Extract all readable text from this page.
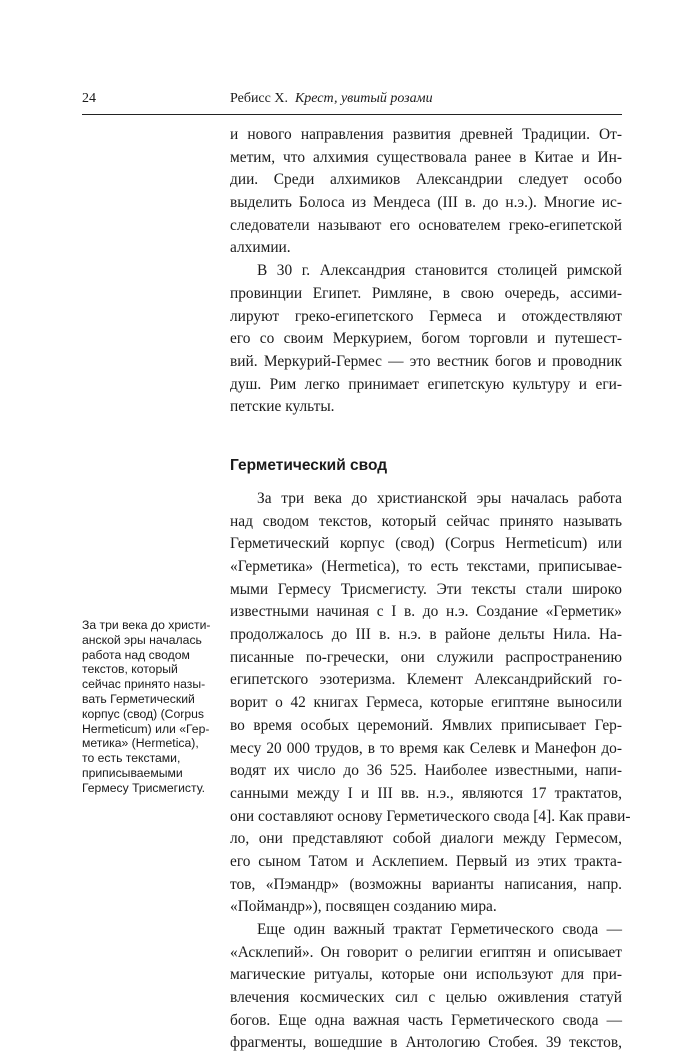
24	Ребисс Х. Крест, увитый розами
и нового направления развития древней Традиции. От-
метим, что алхимия существовала ранее в Китае и Ин-
дии. Среди алхимиков Александрии следует особо
выделить Болоса из Мендеса (III в. до н.э.). Многие ис-
следователи называют его основателем греко-египетской
алхимии.
В 30 г. Александрия становится столицей римской
провинции Египет. Римляне, в свою очередь, ассими-
лируют греко-египетского Гермеса и отождествляют
его со своим Меркурием, богом торговли и путешест-
вий. Меркурий-Гермес — это вестник богов и проводник
душ. Рим легко принимает египетскую культуру и еги-
петские культы.
Герметический свод
За три века до христианской эры началась работа
над сводом текстов, который сейчас принято называть
Герметический корпус (свод) (Corpus Hermeticum) или
«Герметика» (Hermetica), то есть текстами, приписывае-
мыми Гермесу Трисмегисту. Эти тексты стали широко
известными начиная с I в. до н.э. Создание «Герметик»
продолжалось до III в. н.э. в районе дельты Нила. На-
писанные по-гречески, они служили распространению
египетского эзотеризма. Клемент Александрийский го-
ворит о 42 книгах Гермеса, которые египтяне выносили
во время особых церемоний. Ямвлих приписывает Гер-
месу 20 000 трудов, в то время как Селевк и Манефон до-
водят их число до 36 525. Наиболее известными, напи-
санными между I и III вв. н.э., являются 17 трактатов,
они составляют основу Герметического свода [4]. Как прави-
ло, они представляют собой диалоги между Гермесом,
его сыном Татом и Асклепием. Первый из этих тракта-
тов, «Пэмандр» (возможны варианты написания, напр.
«Поймандр»), посвящен созданию мира.
Еще один важный трактат Герметического свода —
«Асклепий». Он говорит о религии египтян и описывает
магические ритуалы, которые они используют для при-
влечения космических сил с целью оживления статуй
богов. Еще одна важная часть Герметического свода —
фрагменты, вошедшие в Антологию Стобея. 39 текстов,
За три века до христи-
анской эры началась
работа над сводом
текстов, который
сейчас принято назы-
вать Герметический
корпус (свод) (Corpus
Hermeticum) или «Гер-
метика» (Hermetica),
то есть текстами,
приписываемыми
Гермесу Трисмегисту.
